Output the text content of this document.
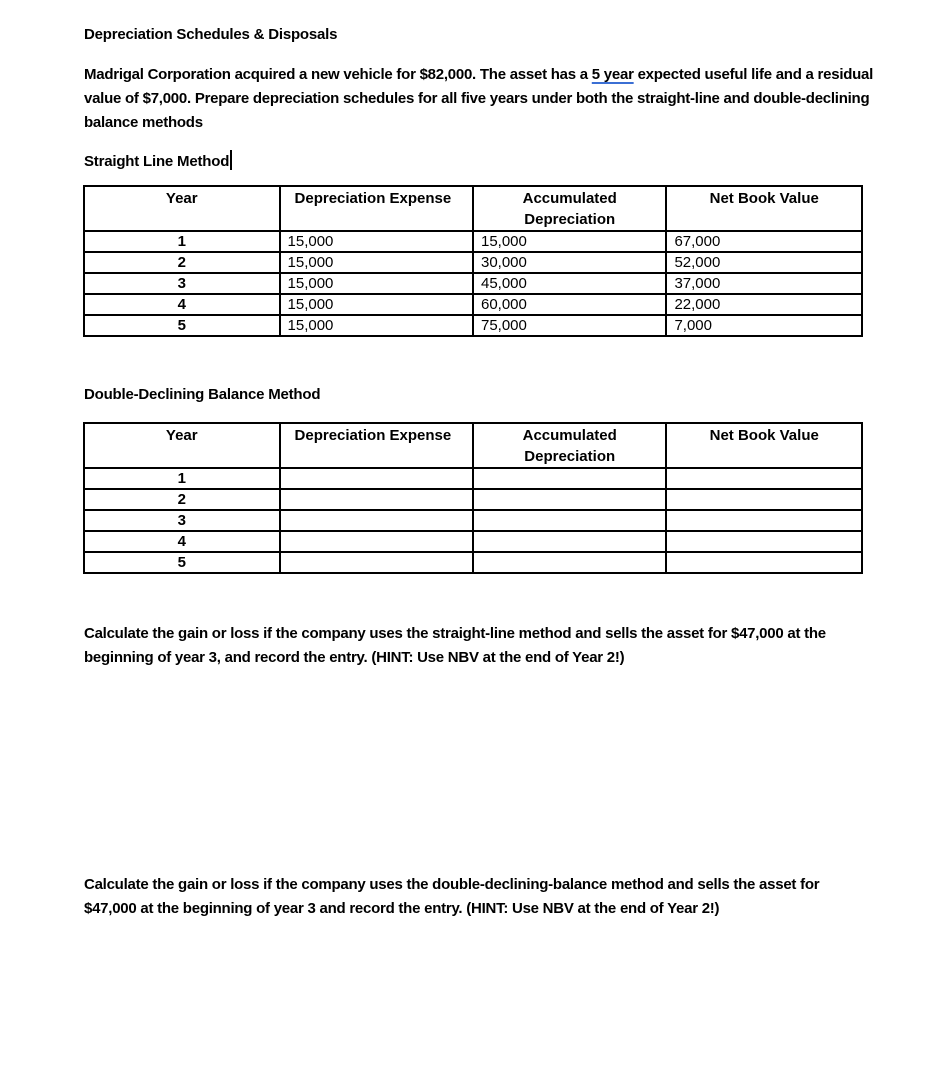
Depreciation Schedules & Disposals
Madrigal Corporation acquired a new vehicle for $82,000. The asset has a 5 year expected useful life and a residual value of $7,000. Prepare depreciation schedules for all five years under both the straight-line and double-declining balance methods
Straight Line Method
Year	Depreciation Expense	Accumulated Depreciation	Net Book Value
1	15,000	15,000	67,000
2	15,000	30,000	52,000
3	15,000	45,000	37,000
4	15,000	60,000	22,000
5	15,000	75,000	7,000
Double-Declining Balance Method
Year	Depreciation Expense	Accumulated Depreciation	Net Book Value
1			
2			
3			
4			
5			
Calculate the gain or loss if the company uses the straight-line method and sells the asset for $47,000 at the beginning of year 3, and record the entry. (HINT: Use NBV at the end of Year 2!)
Calculate the gain or loss if the company uses the double-declining-balance method and sells the asset for $47,000 at the beginning of year 3 and record the entry. (HINT: Use NBV at the end of Year 2!)
